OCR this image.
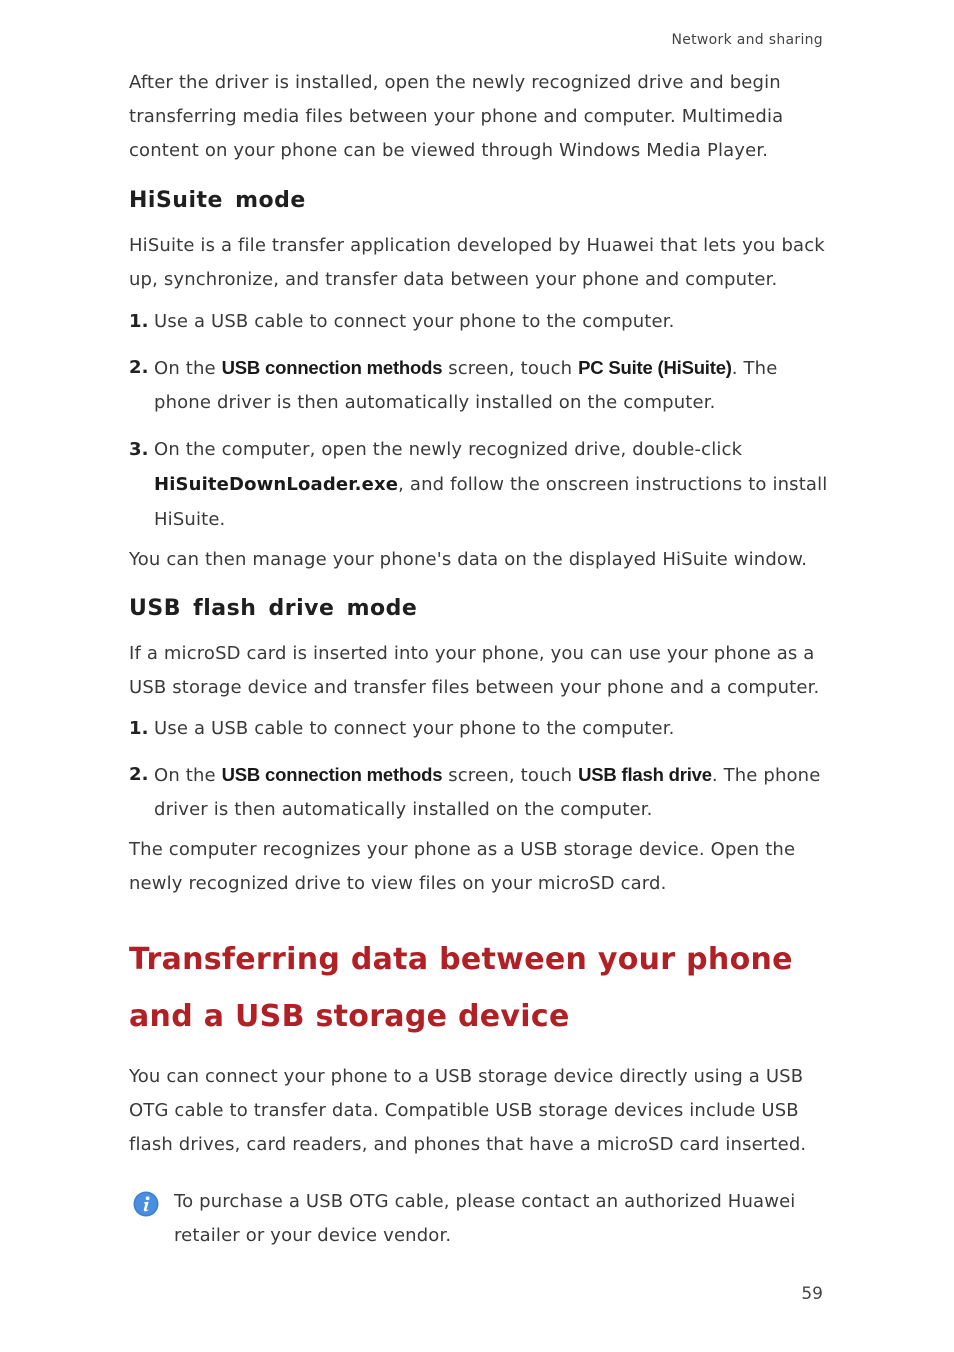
Network and sharing

After the driver is installed, open the newly recognized drive and begin transferring media files between your phone and computer. Multimedia content on your phone can be viewed through Windows Media Player.

HiSuite mode

HiSuite is a file transfer application developed by Huawei that lets you back up, synchronize, and transfer data between your phone and computer.

1. Use a USB cable to connect your phone to the computer.
2. On the USB connection methods screen, touch PC Suite (HiSuite). The phone driver is then automatically installed on the computer.
3. On the computer, open the newly recognized drive, double-click HiSuiteDownLoader.exe, and follow the onscreen instructions to install HiSuite.

You can then manage your phone's data on the displayed HiSuite window.

USB flash drive mode

If a microSD card is inserted into your phone, you can use your phone as a USB storage device and transfer files between your phone and a computer.

1. Use a USB cable to connect your phone to the computer.
2. On the USB connection methods screen, touch USB flash drive. The phone driver is then automatically installed on the computer.

The computer recognizes your phone as a USB storage device. Open the newly recognized drive to view files on your microSD card.

Transferring data between your phone and a USB storage device

You can connect your phone to a USB storage device directly using a USB OTG cable to transfer data. Compatible USB storage devices include USB flash drives, card readers, and phones that have a microSD card inserted.

To purchase a USB OTG cable, please contact an authorized Huawei retailer or your device vendor.

59
